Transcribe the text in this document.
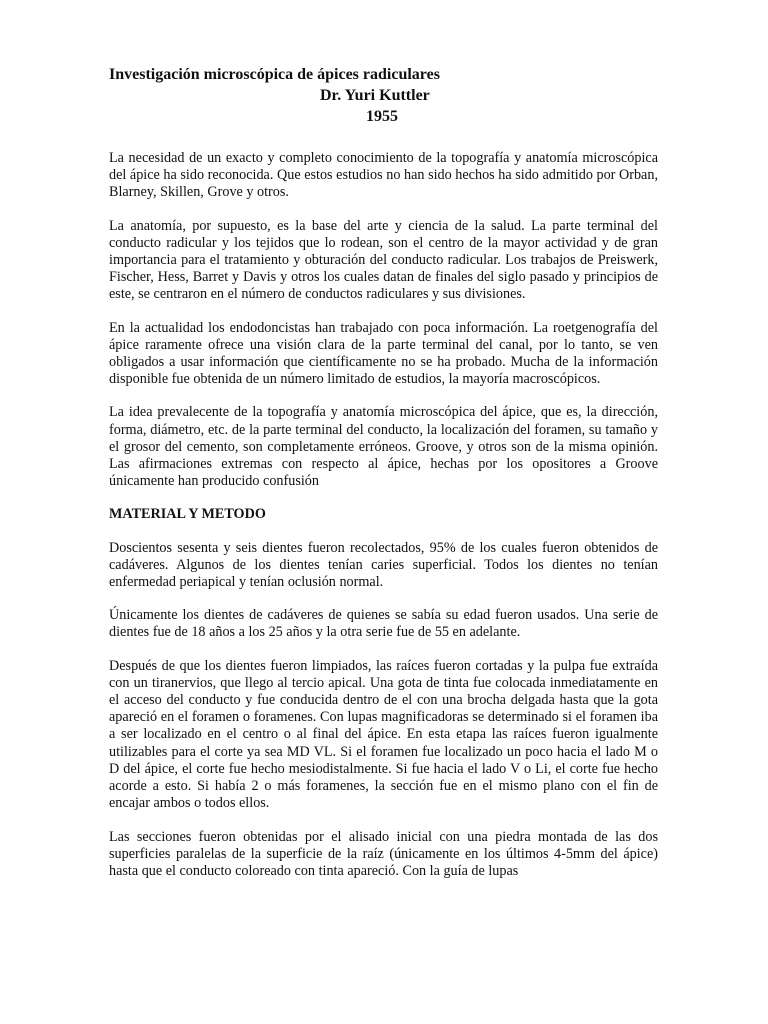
Investigación microscópica de ápices radiculares

Dr. Yuri Kuttler

1955

La necesidad de un exacto y completo conocimiento de la topografía y anatomía microscópica del ápice ha sido reconocida. Que estos estudios no han sido hechos ha sido admitido por Orban, Blarney, Skillen, Grove y otros.

La anatomía, por supuesto, es la base del arte y ciencia de la salud. La parte terminal del conducto radicular y los tejidos que lo rodean, son el centro de la mayor actividad y de gran importancia para el tratamiento y obturación del conducto radicular. Los trabajos de Preiswerk, Fischer, Hess, Barret y Davis y otros los cuales datan de finales del siglo pasado y principios de este, se centraron en el número de conductos radiculares y sus divisiones.

En la actualidad los endodoncistas han trabajado con poca información. La roetgenografía del ápice raramente ofrece una visión clara de la parte terminal del canal, por lo tanto, se ven obligados a usar información que científicamente no se ha probado. Mucha de la información disponible fue obtenida de un número limitado de estudios, la mayoría macroscópicos.

La idea prevalecente de la topografía y anatomía microscópica del ápice, que es, la dirección, forma, diámetro, etc. de la parte terminal del conducto, la localización del foramen, su tamaño y el grosor del cemento, son completamente erróneos. Groove, y otros son de la misma opinión. Las afirmaciones extremas con respecto al ápice, hechas por los opositores a Groove únicamente han producido confusión

MATERIAL Y METODO

Doscientos sesenta y seis dientes fueron recolectados, 95% de los cuales fueron obtenidos de cadáveres. Algunos de los dientes tenían caries superficial. Todos los dientes no tenían enfermedad periapical y tenían oclusión normal.

Únicamente los dientes de cadáveres de quienes se sabía su edad fueron usados. Una serie de dientes fue de 18 años a los 25 años y la otra serie fue de 55 en adelante.

Después de que los dientes fueron limpiados, las raíces fueron cortadas y la pulpa fue extraída con un tiranervios, que llego al tercio apical. Una gota de tinta fue colocada inmediatamente en el acceso del conducto y fue conducida dentro de el con una brocha delgada hasta que la gota apareció en el foramen o foramenes. Con lupas magnificadoras se determinado si el foramen iba a ser localizado en el centro o al final del ápice. En esta etapa las raíces fueron igualmente utilizables para el corte ya sea MD VL. Si el foramen fue localizado un poco hacia el lado M o D del ápice, el corte fue hecho mesiodistalmente. Si fue hacia el lado V o Li, el corte fue hecho acorde a esto. Si había 2 o más foramenes, la sección fue en el mismo plano con el fin de encajar ambos o todos ellos.

Las secciones fueron obtenidas por el alisado inicial con una piedra montada de las dos superficies paralelas de la superficie de la raíz (únicamente en los últimos 4-5mm del ápice) hasta que el conducto coloreado con tinta apareció. Con la guía de lupas
